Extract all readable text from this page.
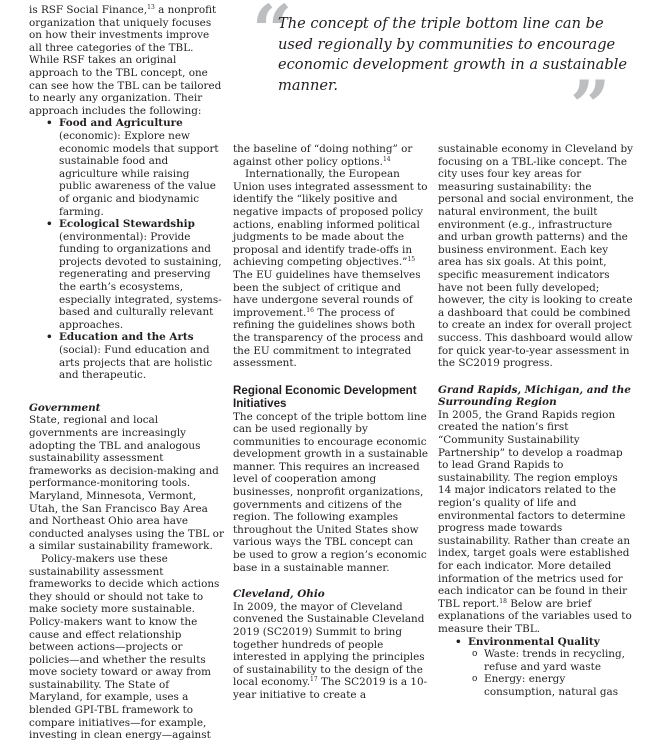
“
The concept of the triple bottom line can be used regionally by communities to encourage economic development growth in a sustainable manner.	”

is RSF Social Finance,$^{13}$ a nonprofit organization that uniquely focuses on how their investments improve all three categories of the TBL. While RSF takes an original approach to the TBL concept, one can see how the TBL can be tailored to nearly any organization. Their approach includes the following:

• Food and Agriculture (economic): Explore new economic models that support sustainable food and agriculture while raising public awareness of the value of organic and biodynamic farming.
• Ecological Stewardship (environmental): Provide funding to organizations and projects devoted to sustaining, regenerating and preserving the earth’s ecosystems, especially integrated, systems-based and culturally relevant approaches.
• Education and the Arts (social): Fund education and arts projects that are holistic and therapeutic.

Government

State, regional and local governments are increasingly adopting the TBL and analogous sustainability assessment frameworks as decision-making and performance-monitoring tools. Maryland, Minnesota, Vermont, Utah, the San Francisco Bay Area and Northeast Ohio area have conducted analyses using the TBL or a similar sustainability framework.

Policy-makers use these sustainability assessment frameworks to decide which actions they should or should not take to make society more sustainable. Policy-makers want to know the cause and effect relationship between actions—projects or policies—and whether the results move society toward or away from sustainability. The State of Maryland, for example, uses a blended GPI-TBL framework to compare initiatives—for example, investing in clean energy—against

the baseline of “doing nothing” or against other policy options.$^{14}$

Internationally, the European Union uses integrated assessment to identify the “likely positive and negative impacts of proposed policy actions, enabling informed political judgments to be made about the proposal and identify trade-offs in achieving competing objectives.”$^{15}$ The EU guidelines have themselves been the subject of critique and have undergone several rounds of improvement.$^{16}$ The process of refining the guidelines shows both the transparency of the process and the EU commitment to integrated assessment.

Regional Economic Development Initiatives

The concept of the triple bottom line can be used regionally by communities to encourage economic development growth in a sustainable manner. This requires an increased level of cooperation among businesses, nonprofit organizations, governments and citizens of the region. The following examples throughout the United States show various ways the TBL concept can be used to grow a region’s economic base in a sustainable manner.

Cleveland, Ohio

In 2009, the mayor of Cleveland convened the Sustainable Cleveland 2019 (SC2019) Summit to bring together hundreds of people interested in applying the principles of sustainability to the design of the local economy.$^{17}$ The SC2019 is a 10-year initiative to create a

sustainable economy in Cleveland by focusing on a TBL-like concept. The city uses four key areas for measuring sustainability: the personal and social environment, the natural environment, the built environment (e.g., infrastructure and urban growth patterns) and the business environment. Each key area has six goals. At this point, specific measurement indicators have not been fully developed; however, the city is looking to create a dashboard that could be combined to create an index for overall project success. This dashboard would allow for quick year-to-year assessment in the SC2019 progress.

Grand Rapids, Michigan, and the Surrounding Region

In 2005, the Grand Rapids region created the nation’s first “Community Sustainability Partnership” to develop a roadmap to lead Grand Rapids to sustainability. The region employs 14 major indicators related to the region’s quality of life and environmental factors to determine progress made towards sustainability. Rather than create an index, target goals were established for each indicator. More detailed information of the metrics used for each indicator can be found in their TBL report.$^{18}$ Below are brief explanations of the variables used to measure their TBL.

• Environmental Quality
o Waste: trends in recycling, refuse and yard waste
o Energy: energy consumption, natural gas
